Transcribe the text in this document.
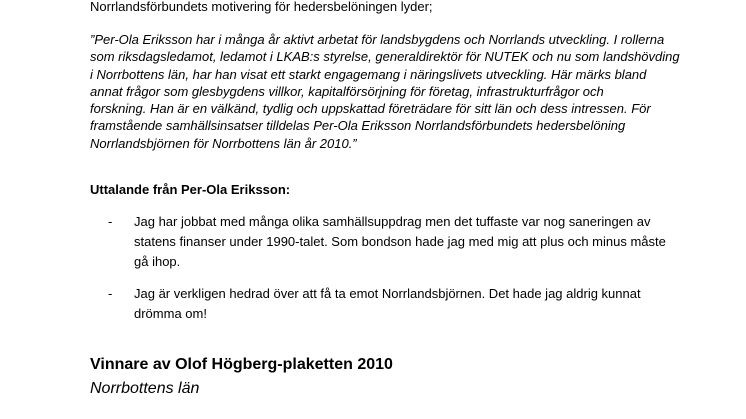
Norrlandsförbundets motivering för hedersbelöningen lyder;
”Per-Ola Eriksson har i många år aktivt arbetat för landsbygdens och Norrlands utveckling. I rollerna
som riksdagsledamot, ledamot i LKAB:s styrelse, generaldirektör för NUTEK och nu som landshövding
i Norrbottens län, har han visat ett starkt engagemang i näringslivets utveckling. Här märks bland
annat frågor som glesbygdens villkor, kapitalförsörjning för företag, infrastrukturfrågor och
forskning. Han är en välkänd, tydlig och uppskattad företrädare för sitt län och dess intressen. För
framstående samhällsinsatser tilldelas Per-Ola Eriksson Norrlandsförbundets hedersbelöning
Norrlandsbjörnen för Norrbottens län år 2010.”
Uttalande från Per-Ola Eriksson:
- Jag har jobbat med många olika samhällsuppdrag men det tuffaste var nog saneringen av
statens finanser under 1990-talet. Som bondson hade jag med mig att plus och minus måste
gå ihop.
- Jag är verkligen hedrad över att få ta emot Norrlandsbjörnen. Det hade jag aldrig kunnat
drömma om!
Vinnare av Olof Högberg-plaketten 2010
Norrbottens län
